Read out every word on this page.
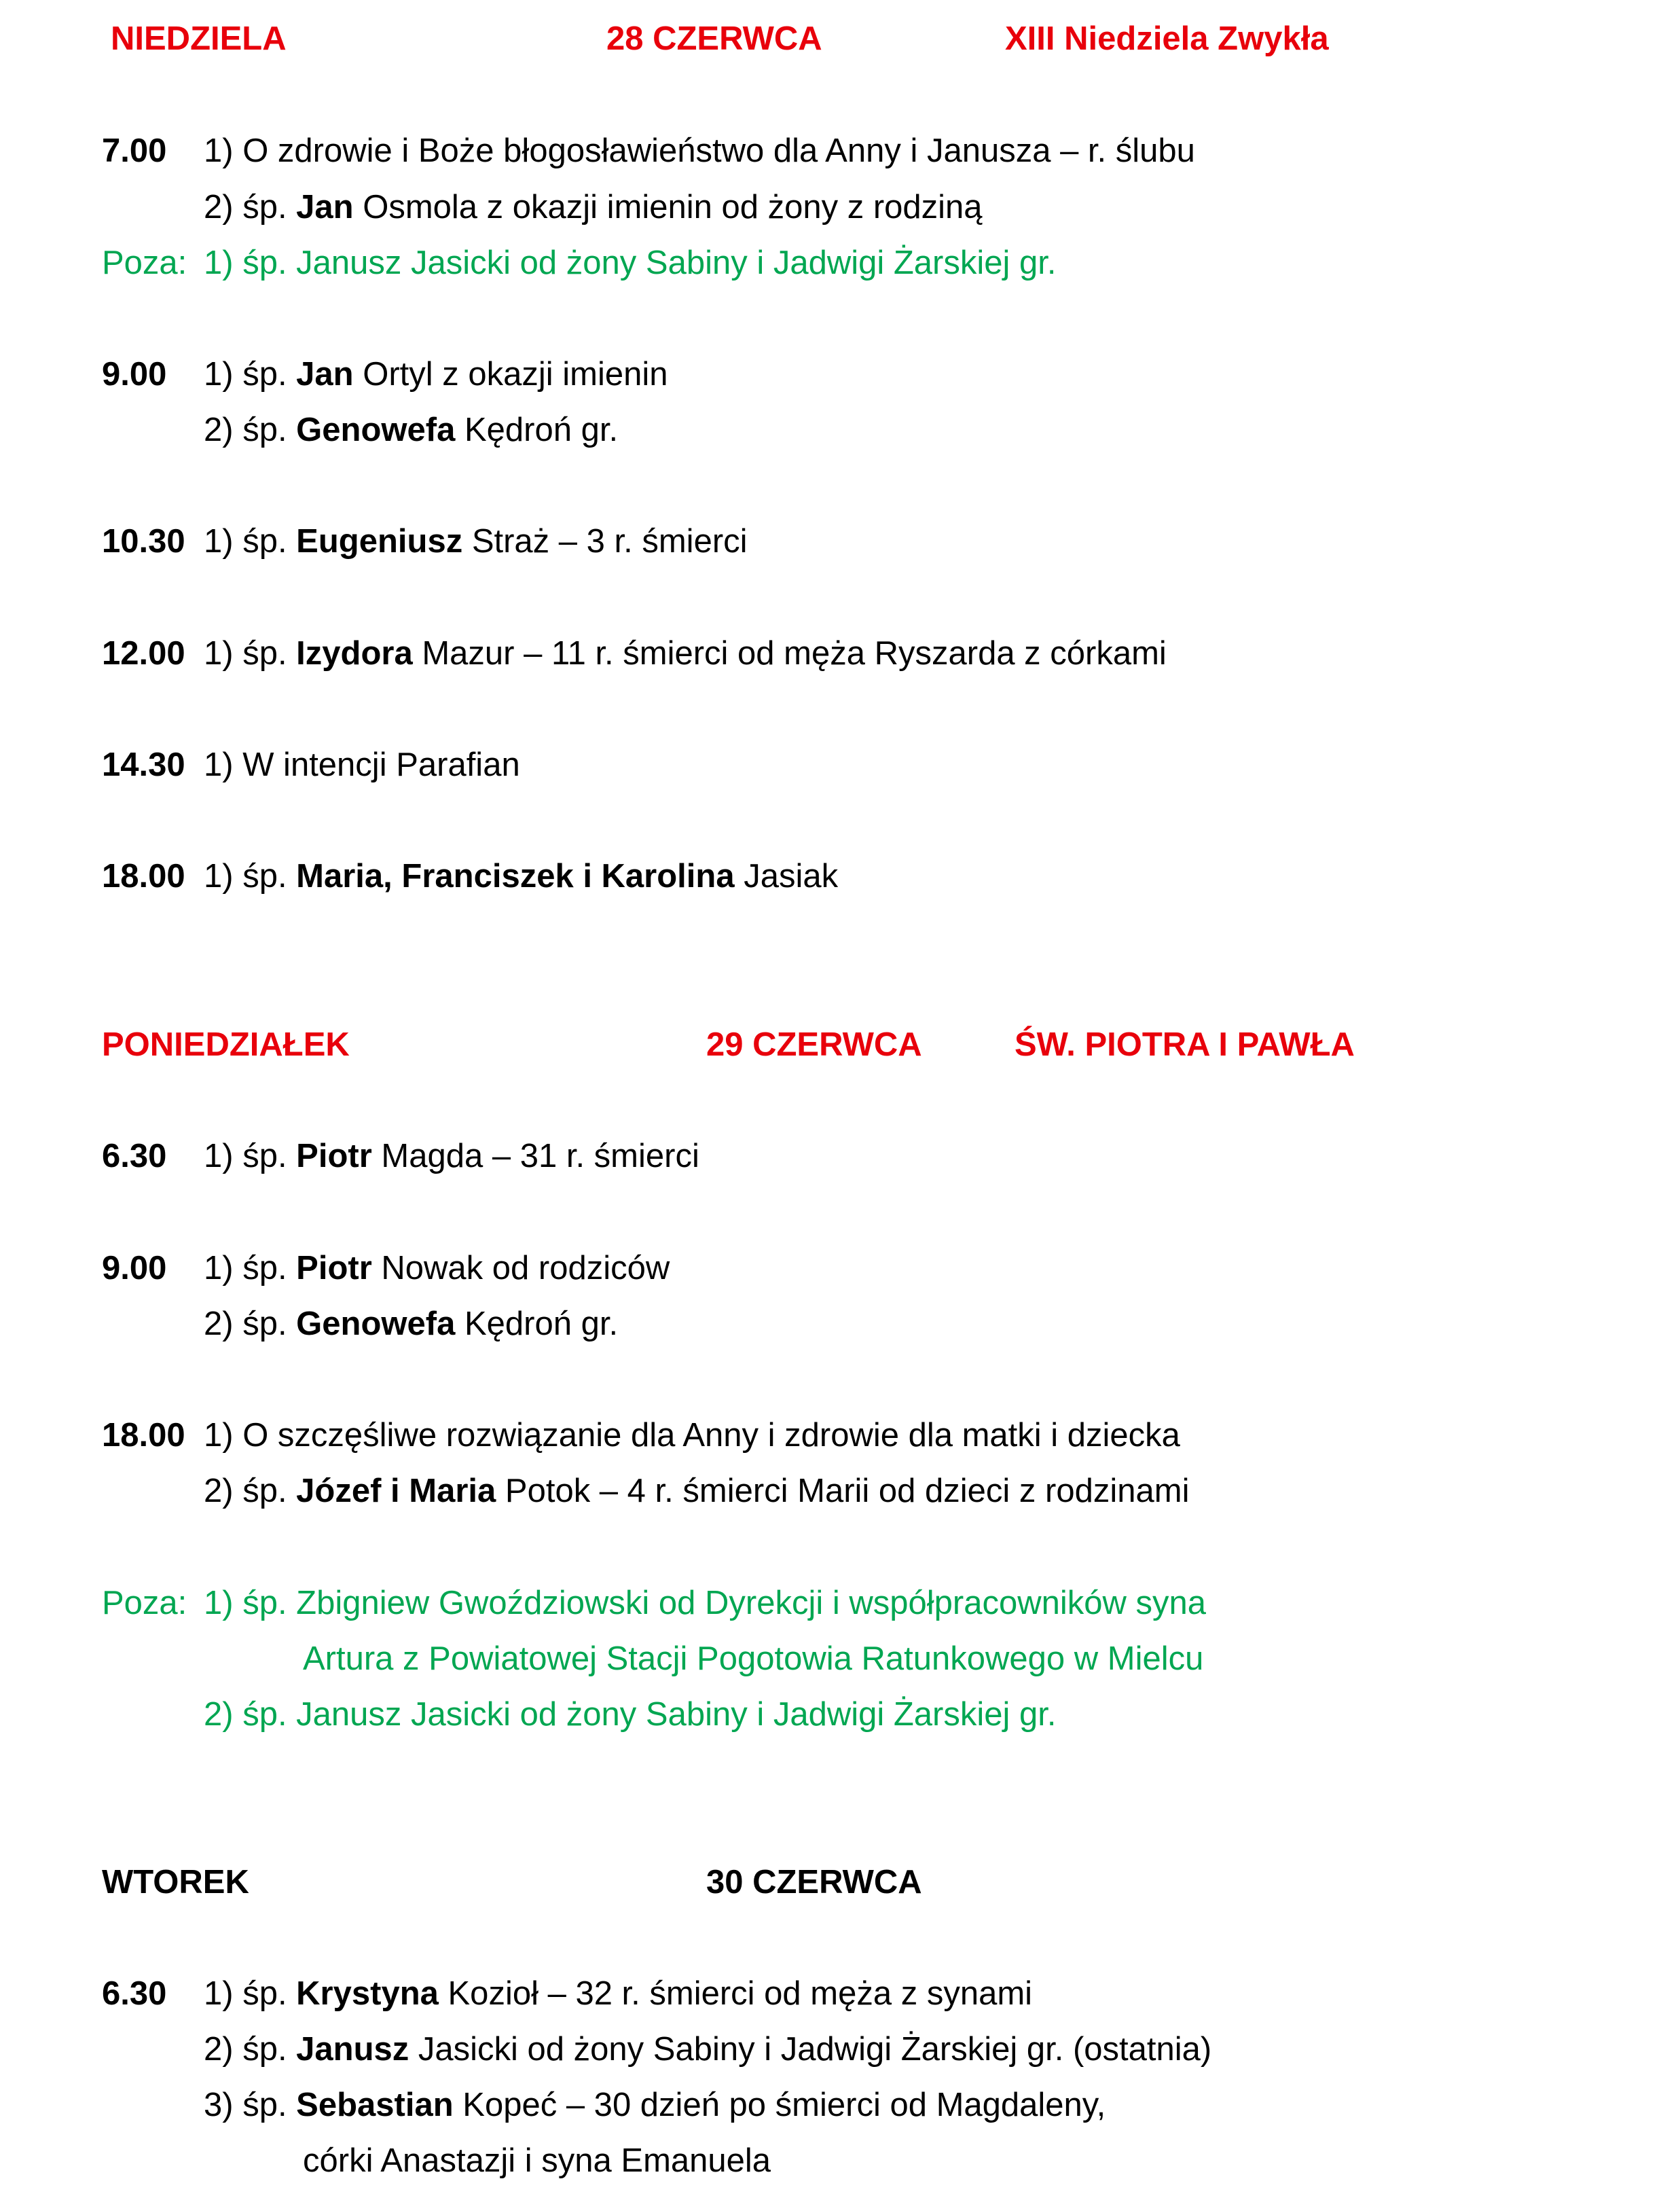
NIEDZIELA	28 CZERWCA	XIII Niedziela Zwykła
7.00 1) O zdrowie i Boże błogosławieństwo dla Anny i Janusza – r. ślubu
2) śp. Jan Osmola z okazji imienin od żony z rodziną
Poza: 1) śp. Janusz Jasicki od żony Sabiny i Jadwigi Żarskiej gr.
9.00 1) śp. Jan Ortyl z okazji imienin
2) śp. Genowefa Kędroń gr.
10.30 1) śp. Eugeniusz Straż – 3 r. śmierci
12.00 1) śp. Izydora Mazur – 11 r. śmierci od męża Ryszarda z córkami
14.30 1) W intencji Parafian
18.00 1) śp. Maria, Franciszek i Karolina Jasiak
PONIEDZIAŁEK	29 CZERWCA	ŚW. PIOTRA I PAWŁA
6.30 1) śp. Piotr Magda – 31 r. śmierci
9.00 1) śp. Piotr Nowak od rodziców
2) śp. Genowefa Kędroń gr.
18.00 1) O szczęśliwe rozwiązanie dla Anny i zdrowie dla matki i dziecka
2) śp. Józef i Maria Potok – 4 r. śmierci Marii od dzieci z rodzinami
Poza: 1) śp. Zbigniew Gwoździowski od Dyrekcji i współpracowników syna
Artura z Powiatowej Stacji Pogotowia Ratunkowego w Mielcu
2) śp. Janusz Jasicki od żony Sabiny i Jadwigi Żarskiej gr.
WTOREK	30 CZERWCA
6.30 1) śp. Krystyna Kozioł – 32 r. śmierci od męża z synami
2) śp. Janusz Jasicki od żony Sabiny i Jadwigi Żarskiej gr. (ostatnia)
3) śp. Sebastian Kopeć – 30 dzień po śmierci od Magdaleny,
córki Anastazji i syna Emanuela
